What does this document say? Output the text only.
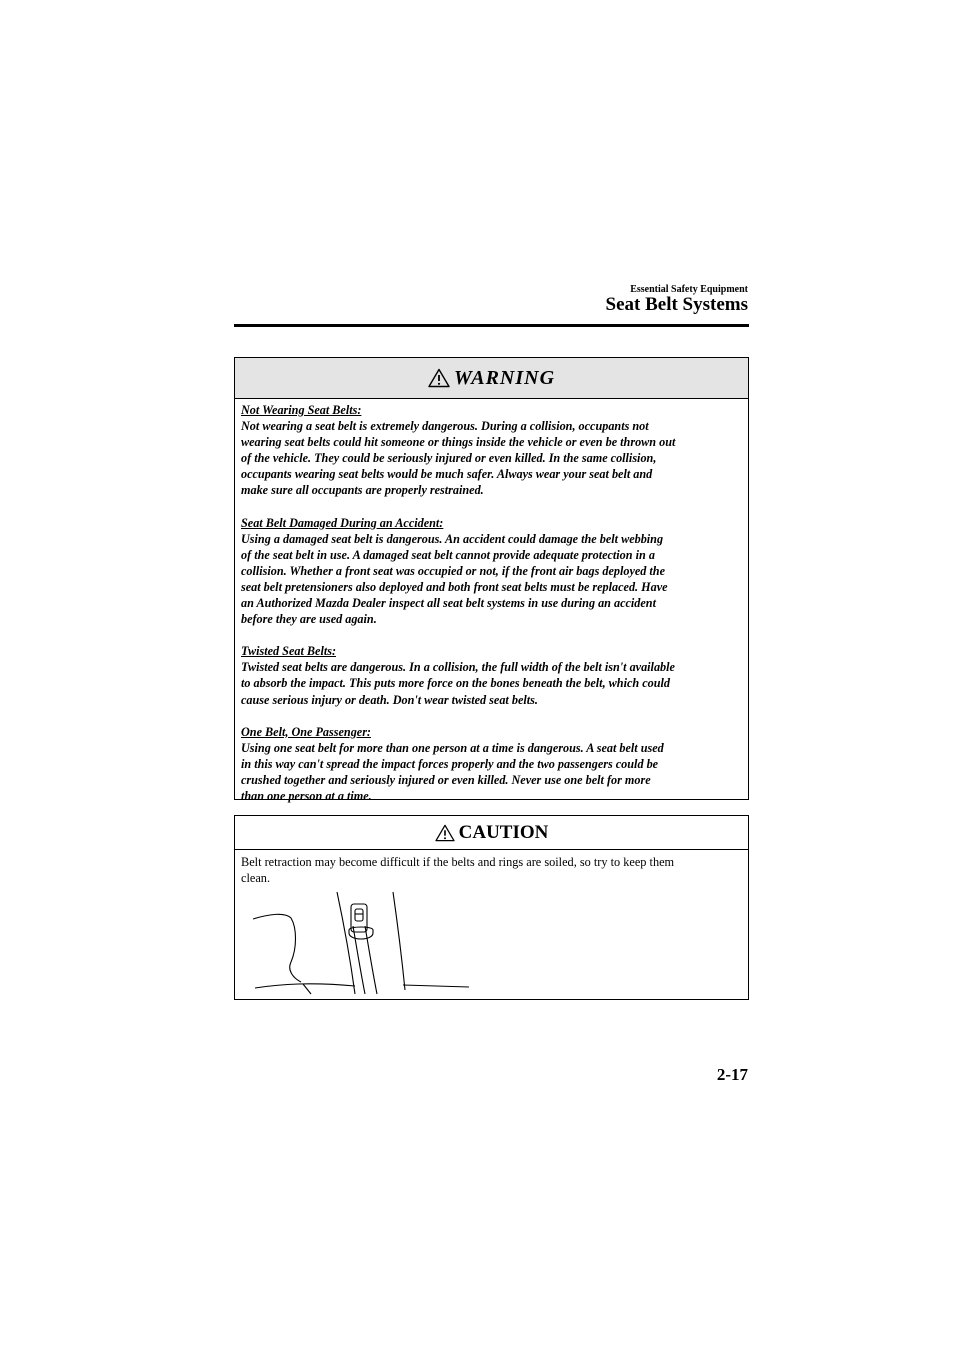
Essential Safety Equipment
Seat Belt Systems
WARNING
Not Wearing Seat Belts:
Not wearing a seat belt is extremely dangerous. During a collision, occupants not
wearing seat belts could hit someone or things inside the vehicle or even be thrown out
of the vehicle. They could be seriously injured or even killed. In the same collision,
occupants wearing seat belts would be much safer. Always wear your seat belt and
make sure all occupants are properly restrained.
Seat Belt Damaged During an Accident:
Using a damaged seat belt is dangerous. An accident could damage the belt webbing
of the seat belt in use. A damaged seat belt cannot provide adequate protection in a
collision. Whether a front seat was occupied or not, if the front air bags deployed the
seat belt pretensioners also deployed and both front seat belts must be replaced. Have
an Authorized Mazda Dealer inspect all seat belt systems in use during an accident
before they are used again.
Twisted Seat Belts:
Twisted seat belts are dangerous. In a collision, the full width of the belt isn't available
to absorb the impact. This puts more force on the bones beneath the belt, which could
cause serious injury or death. Don't wear twisted seat belts.
One Belt, One Passenger:
Using one seat belt for more than one person at a time is dangerous. A seat belt used
in this way can't spread the impact forces properly and the two passengers could be
crushed together and seriously injured or even killed. Never use one belt for more
than one person at a time.
CAUTION
Belt retraction may become difficult if the belts and rings are soiled, so try to keep them
clean.
2-17
